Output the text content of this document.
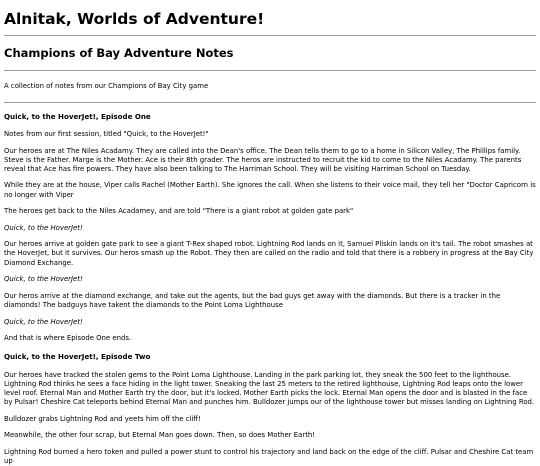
Alnitak, Worlds of Adventure!
Champions of Bay Adventure Notes

A collection of notes from our Champions of Bay City game

Quick, to the HoverJet!, Episode One

Notes from our first session, titled "Quick, to the HoverJet!"

Our heroes are at The Niles Acadamy. They are called into the Dean's office. The Dean tells them to go to a home in Silicon Valley, The Phillips family. Steve is the Father. Marge is the Mother. Ace is their 8th grader. The heros are instructed to recruit the kid to come to the Niles Acadamy. The parents reveal that Ace has fire powers. They have also been talking to The Harriman School. They will be visiting Harriman School on Tuesday.

While they are at the house, Viper calls Rachel (Mother Earth). She ignores the call. When she listens to their voice mail, they tell her "Doctor Capricorn is no longer with Viper

The heroes get back to the Niles Acadamey, and are told "There is a giant robot at golden gate park"

Quick, to the HoverJet!

Our heroes arrive at golden gate park to see a giant T-Rex shaped robot. Lightning Rod lands on it, Samuel Pliskin lands on it's tail. The robot smashes at the HoverJet, but it survives. Our heros smash up the Robot. They then are called on the radio and told that there is a robbery in progress at the Bay City Diamond Exchange.

Quick, to the HoverJet!

Our heros arrive at the diamond exchange, and take out the agents, but the bad guys get away with the diamonds. But there is a tracker in the diamonds! The badguys have takent the diamonds to the Point Loma Lighthouse

Quick, to the HoverJet!

And that is where Episode One ends.

Quick, to the HoverJet!, Episode Two

Our heroes have tracked the stolen gems to the Point Loma Lighthouse. Landing in the park parking lot, they sneak the 500 feet to the lighthouse. Lightning Rod thinks he sees a face hiding in the light tower. Sneaking the last 25 meters to the retired lighthouse, Lightning Rod leaps onto the lower level roof. Eternal Man and Mother Earth try the door, but it's locked. Mother Earth picks the lock. Eternal Man opens the door and is blasted in the face by Pulsar! Cheshire Cat teleports behind Eternal Man and punches him. Bulldozer jumps our of the lighthouse tower but misses landing on Lightning Rod.

Bulldozer grabs Lightning Rod and yeets him off the cliff!

Meanwhile, the other four scrap, but Eternal Man goes down. Then, so does Mother Earth!

Lightning Rod burned a hero token and pulled a power stunt to control his trajectory and land back on the edge of the cliff. Pulsar and Cheshire Cat team up
